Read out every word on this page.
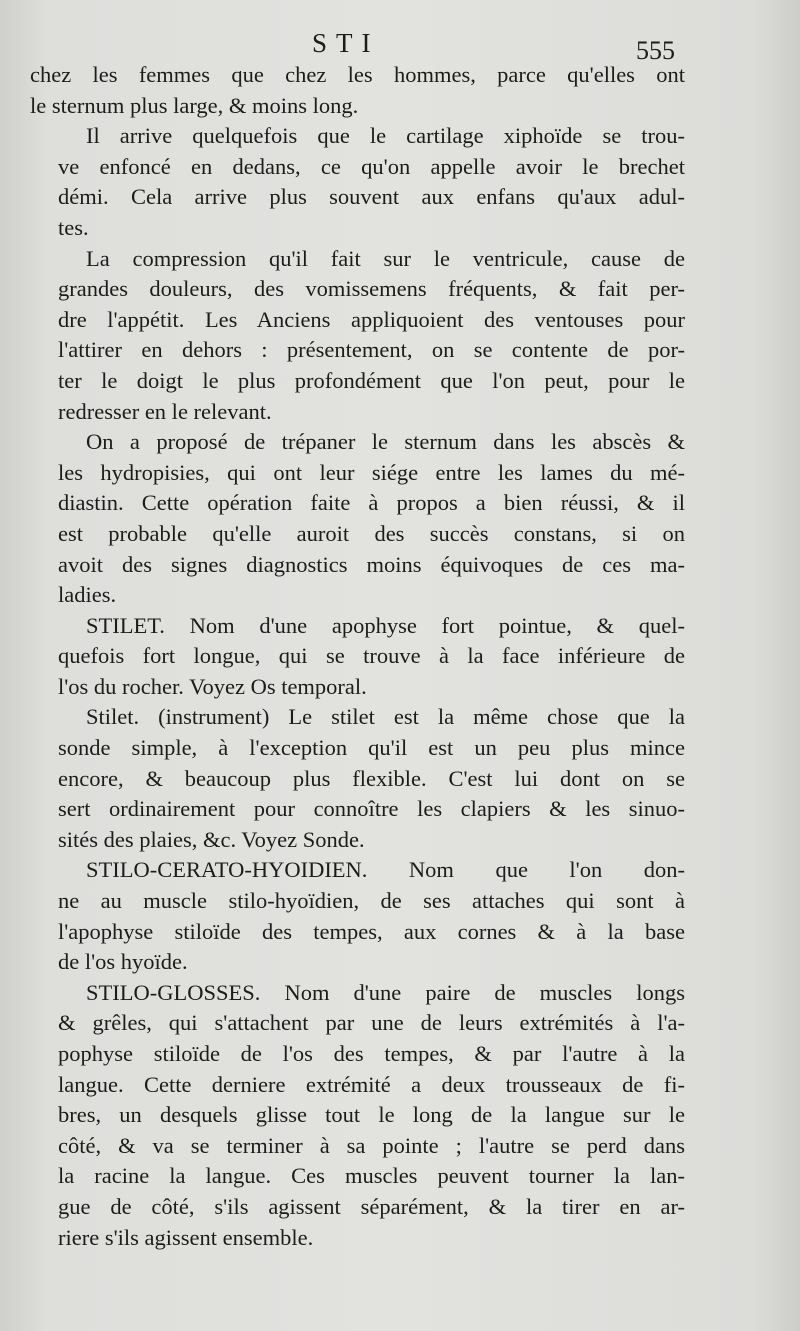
STI	555
chez les femmes que chez les hommes, parce qu'elles ont
le sternum plus large, & moins long.
Il arrive quelquefois que le cartilage xiphoïde se trou-
ve enfoncé en dedans, ce qu'on appelle avoir le brechet
démi. Cela arrive plus souvent aux enfans qu'aux adul-
tes.
La compression qu'il fait sur le ventricule, cause de
grandes douleurs, des vomissemens fréquents, & fait per-
dre l'appétit. Les Anciens appliquoient des ventouses pour
l'attirer en dehors : présentement, on se contente de por-
ter le doigt le plus profondément que l'on peut, pour le
redresser en le relevant.
On a proposé de trépaner le sternum dans les abscès &
les hydropisies, qui ont leur siége entre les lames du mé-
diastin. Cette opération faite à propos a bien réussi, & il
est probable qu'elle auroit des succès constans, si on
avoit des signes diagnostics moins équivoques de ces ma-
ladies.
STILET. Nom d'une apophyse fort pointue, & quel-
quefois fort longue, qui se trouve à la face inférieure de
l'os du rocher. Voyez Os temporal.
Stilet. (instrument) Le stilet est la même chose que la
sonde simple, à l'exception qu'il est un peu plus mince
encore, & beaucoup plus flexible. C'est lui dont on se
sert ordinairement pour connoître les clapiers & les sinuo-
sités des plaies, &c. Voyez Sonde.
STILO-CERATO-HYOIDIEN. Nom que l'on don-
ne au muscle stilo-hyoïdien, de ses attaches qui sont à
l'apophyse stiloïde des tempes, aux cornes & à la base
de l'os hyoïde.
STILO-GLOSSES. Nom d'une paire de muscles longs
& grêles, qui s'attachent par une de leurs extrémités à l'a-
pophyse stiloïde de l'os des tempes, & par l'autre à la
langue. Cette derniere extrémité a deux trousseaux de fi-
bres, un desquels glisse tout le long de la langue sur le
côté, & va se terminer à sa pointe ; l'autre se perd dans
la racine la langue. Ces muscles peuvent tourner la lan-
gue de côté, s'ils agissent séparément, & la tirer en ar-
riere s'ils agissent ensemble.
